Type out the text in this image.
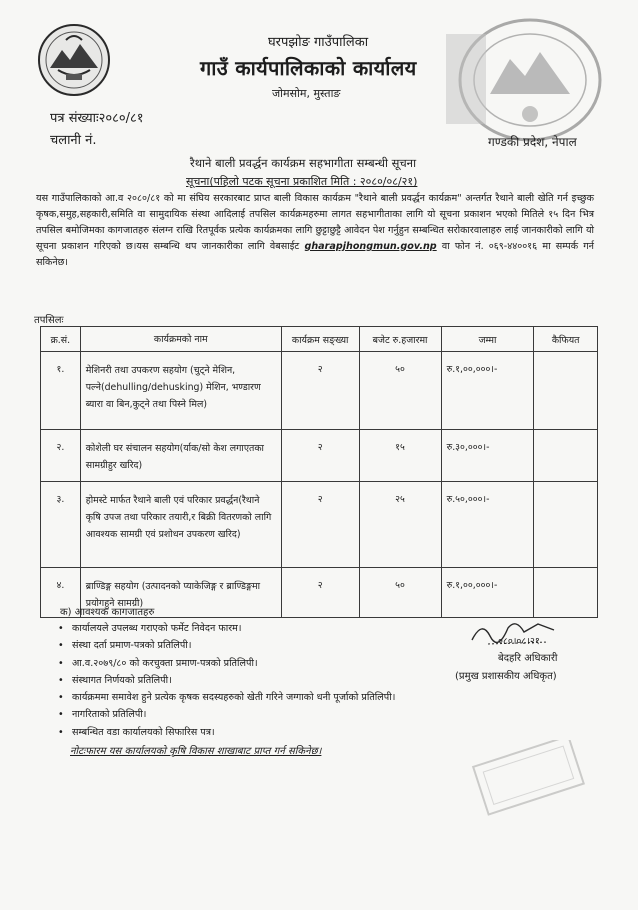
घरपझोङ गाउँपालिका
गाउँ कार्यपालिकाको कार्यालय
जोमसोम, मुस्ताङ
पत्र संख्याः२०८०/८१
चलानी नं.	गण्डकी प्रदेश, नेपाल
रैथाने बाली प्रवर्द्धन कार्यक्रम सहभागीता सम्बन्धी सूचना
सूचना(पहिलो पटक सूचना प्रकाशित मिति : २०८०/०८/२१)
यस गाउँपालिकाको आ.व २०८०/८१ को मा संघिय सरकारबाट प्राप्त बाली विकास कार्यक्रम "रैथाने बाली प्रवर्द्धन कार्यक्रम" अन्तर्गत रैथाने बाली खेति गर्न इच्छुक कृषक,समुह,सहकारी,समिति वा सामुदायिक संस्था आदिलाई तपसिल कार्यक्रमहरुमा लागत सहभागीताका लागि यो सूचना प्रकाशन भएको मितिले १५ दिन भित्र तपसिल बमोजिमका कागजातहरु संलग्न राखि रितपूर्वक प्रत्येक कार्यक्रमका लागि छुट्टाछुट्टै आवेदन पेश गर्नुहुन सम्बन्धित सरोकारवालाहरु लाई जानकारीको लागि यो सूचना प्रकाशन गरिएको छ।यस सम्बन्धि थप जानकारीका लागि वेबसाईट gharapjhongmun.gov.np वा फोन नं. ०६९-४४००१६ मा सम्पर्क गर्न सकिनेछ।
तपसिलः
क्र.सं.	कार्यक्रमको नाम	कार्यक्रम सङ्ख्या	बजेट रु.हजारमा	जम्मा	कैफियत
१.	मेशिनरी तथा उपकरण सहयोग (चुट्ने मेशिन, पल्ने(dehulling/dehusking) मेशिन, भण्डारण ब्यारा वा बिन,कुट्ने तथा पिस्ने मिल)	२	५०	रु.१,००,०००।-	
२.	कोशेली घर संचालन सहयोग(र्याक/सो केश लगाएतका सामग्रीहुर खरिद)	२	१५	रु.३०,०००।-	
३.	होमस्टे मार्फत रैथाने बाली एवं परिकार प्रवर्द्धन(रैथाने कृषि उपज तथा परिकार तयारी,र बिक्री वितरणको लागि आवश्यक सामग्री एवं प्रशोधन उपकरण खरिद)	२	२५	रु.५०,०००।-	
४.	ब्राण्डिङ्ग सहयोग (उत्पादनको प्याकेजिङ्ग र ब्राण्डिङ्गमा प्रयोगहुने सामग्री)	२	५०	रु.१,००,०००।-	
क) आवश्यक कागजातहरु
• कार्यालयले उपलब्ध गराएको फर्मेट निवेदन फारम।
• संस्था दर्ता प्रमाण-पत्रको प्रतिलिपी।
• आ.व.२०७९/८० को करचुक्ता प्रमाण-पत्रको प्रतिलिपी।
• संस्थागत निर्णयको प्रतिलिपी।
• कार्यक्रममा समावेश हुने प्रत्येक कृषक सदस्यहरुको खेती गरिने जग्गाको धनी पूर्जाको प्रतिलिपी।
• नागरिताको प्रतिलिपी।
• सम्बन्धित वडा कार्यालयको सिफारिस पत्र।
नोटःफारम यस कार्यालयको कृषि विकास शाखाबाट प्राप्त गर्न सकिनेछ।
०८०।०८।२१
बेदहरि अधिकारी
(प्रमुख प्रशासकीय अधिकृत)
